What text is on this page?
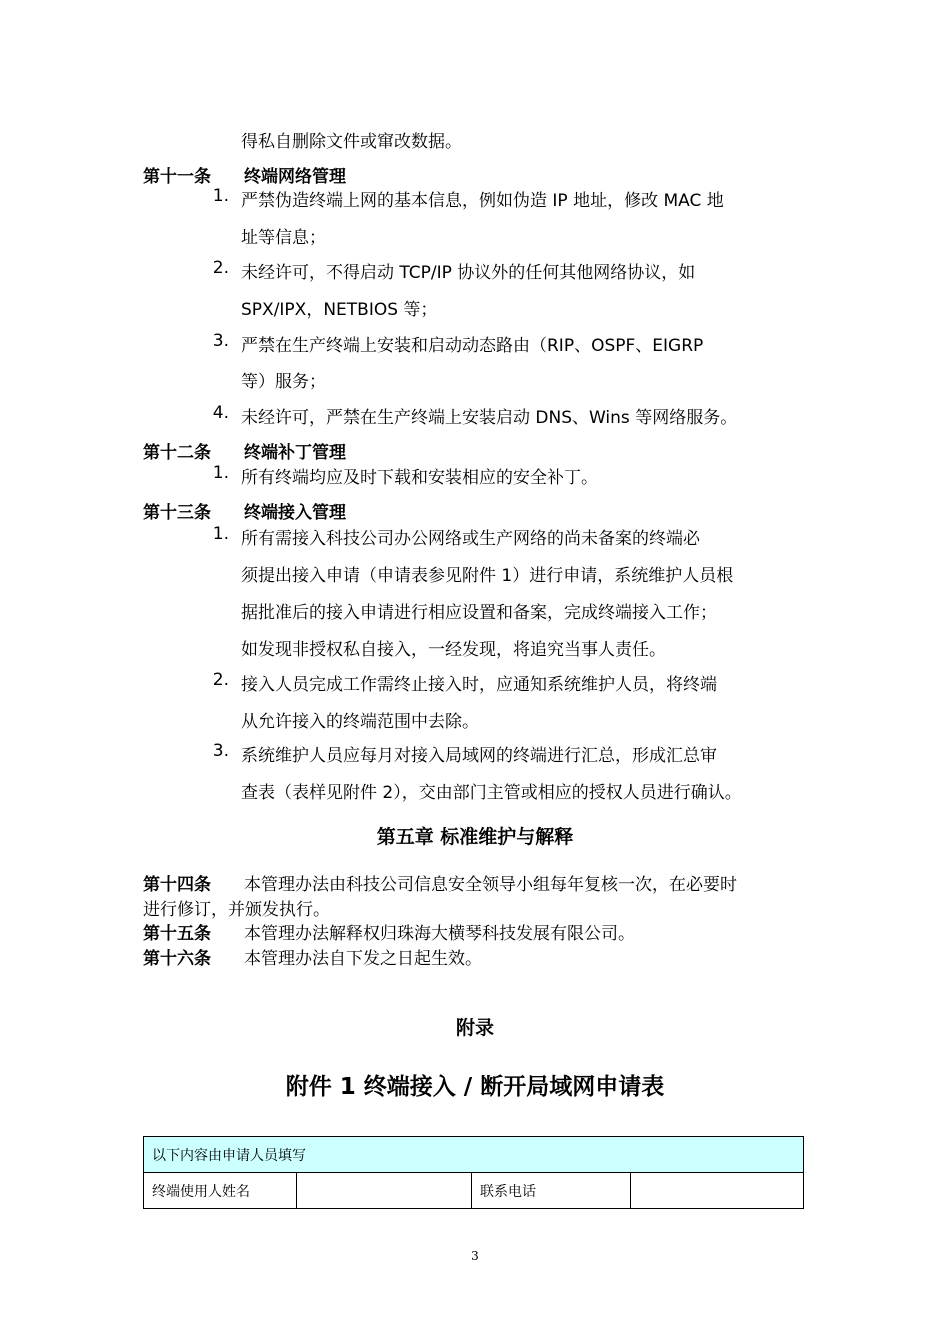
得私自删除文件或窜改数据。
第十一条 终端网络管理
1. 严禁伪造终端上网的基本信息，例如伪造 IP 地址，修改 MAC 地
址等信息；
2. 未经许可，不得启动 TCP/IP 协议外的任何其他网络协议，如
SPX/IPX，NETBIOS 等；
3. 严禁在生产终端上安装和启动动态路由（RIP、OSPF、EIGRP
等）服务；
4. 未经许可，严禁在生产终端上安装启动 DNS、Wins 等网络服务。
第十二条 终端补丁管理
1. 所有终端均应及时下载和安装相应的安全补丁。
第十三条 终端接入管理
1. 所有需接入科技公司办公网络或生产网络的尚未备案的终端必
须提出接入申请（申请表参见附件 1）进行申请，系统维护人员根
据批准后的接入申请进行相应设置和备案，完成终端接入工作；
如发现非授权私自接入，一经发现，将追究当事人责任。
2. 接入人员完成工作需终止接入时，应通知系统维护人员，将终端
从允许接入的终端范围中去除。
3. 系统维护人员应每月对接入局域网的终端进行汇总，形成汇总审
查表（表样见附件 2），交由部门主管或相应的授权人员进行确认。
第五章 标准维护与解释
第十四条 本管理办法由科技公司信息安全领导小组每年复核一次，在必要时
进行修订，并颁发执行。
第十五条 本管理办法解释权归珠海大横琴科技发展有限公司。
第十六条 本管理办法自下发之日起生效。
附录
附件 1 终端接入 / 断开局域网申请表
以下内容由申请人员填写
终端使用人姓名		联系电话	
3
